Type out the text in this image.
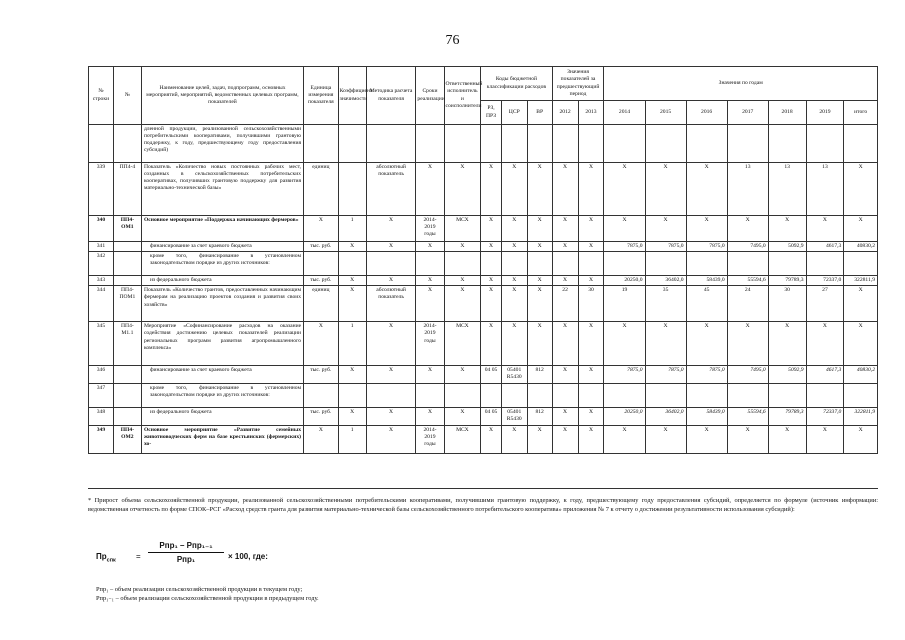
76
№ строки	№	Наименование целей, задач, подпрограмм, основных мероприятий, мероприятий, ведомственных целевых программ, показателей	Единица измерения показателя	Коэффициент значимости	Методика расчета показателя	Сроки реализации	Ответственный исполнитель и соисполнители	Коды бюджетной классификации расходов			Значения показателей за предшествующий период		Значения по годам						
								РЗ, ПРЗ	ЦСР	ВР	2012	2013	2014	2015	2016	2017	2018	2019	итого
		дленной продукции, реализованной сельскохозяйственными потребительскими кооперативами, получившими грантовую поддержку, к году, предшествующему году предоставления субсидий)																	
339	ПП4-4	Показатель «Количество новых постоянных рабочих мест, созданных в сельскохозяйственных потребительских кооперативах, получивших грантовую поддержку для развития материально-технической базы»	единиц		абсолютный показатель	X	X	X	X	X	X	X	X	X	X	13	13	13	X
340	ПП4-ОМ1	Основное мероприятие «Поддержка начинающих фермеров»	X	1	X	2014-2019 годы	МСХ	X	X	X	X	X	X	X	X	X	X	X	X
341		финансирование за счет краевого бюджета	тыс. руб.	X	X	X	X	X	X	X	X	X	7875,0	7875,0	7875,0	7495,0	5092,9	4617,3	40830,2
342		кроме того, финансирование в установленном законодательством порядке из других источников:																	
343		из федерального бюджета	тыс. руб.	X	X	X	X	X	X	X	X	X	20250,0	36402,0	58439,0	55594,6	79789,3	72337,0	322811,9
344	ПП4-ПОМ1	Показатель «Количество грантов, предоставленных начинающим фермерам на реализацию проектов создания и развития своих хозяйств»	единиц	X	абсолютный показатель	X	X	X	X	X	22	30	19	35	45	24	30	27	X
345	ПП4-М1.1	Мероприятие «Софинансирование расходов на оказание содействия достижению целевых показателей реализации региональных программ развития агропромышленного комплекса»	X	1	X	2014-2019 годы	МСХ	X	X	X	X	X	X	X	X	X	X	X	X
346		финансирование за счет краевого бюджета	тыс. руб.	X	X	X	X	04 05	05401 R5430	812	X	X	7875,0	7875,0	7875,0	7495,0	5092,9	4617,3	40830,2
347		кроме того, финансирование в установленном законодательством порядке из других источников:																	
348		из федерального бюджета	тыс. руб.	X	X	X	X	04 05	05401 R5430	812	X	X	20250,0	36402,0	58439,0	55594,6	79789,3	72337,0	322811,9
349	ПП4-ОМ2	Основное мероприятие «Развитие семейных животноводческих ферм на базе крестьянских (фермерских) хо-	X	1	X	2014-2019 годы	МСХ	X	X	X	X	X	X	X	X	X	X	X	X
* Прирост объема сельскохозяйственной продукции, реализованной сельскохозяйственными потребительскими кооперативами, получившими грантовую поддержку, к году, предшествующему году предоставления субсидий, определяется по формуле (источник информации: ведомственная отчетность по форме СПОК–РСГ «Расход средств гранта для развития материально-технической базы сельскохозяйственного потребительского кооператива» приложения № 7 к отчету о достижении результативности использования субсидий):
$Пр_{спк}$	=
Рпр₁ – Рпр₁₋₁
Рпр₁	× 100, где:
Рпр₁ – объем реализации сельскохозяйственной продукции в текущем году;
Рпр₁₋₁ – объем реализации сельскохозяйственной продукции в предыдущем году.
